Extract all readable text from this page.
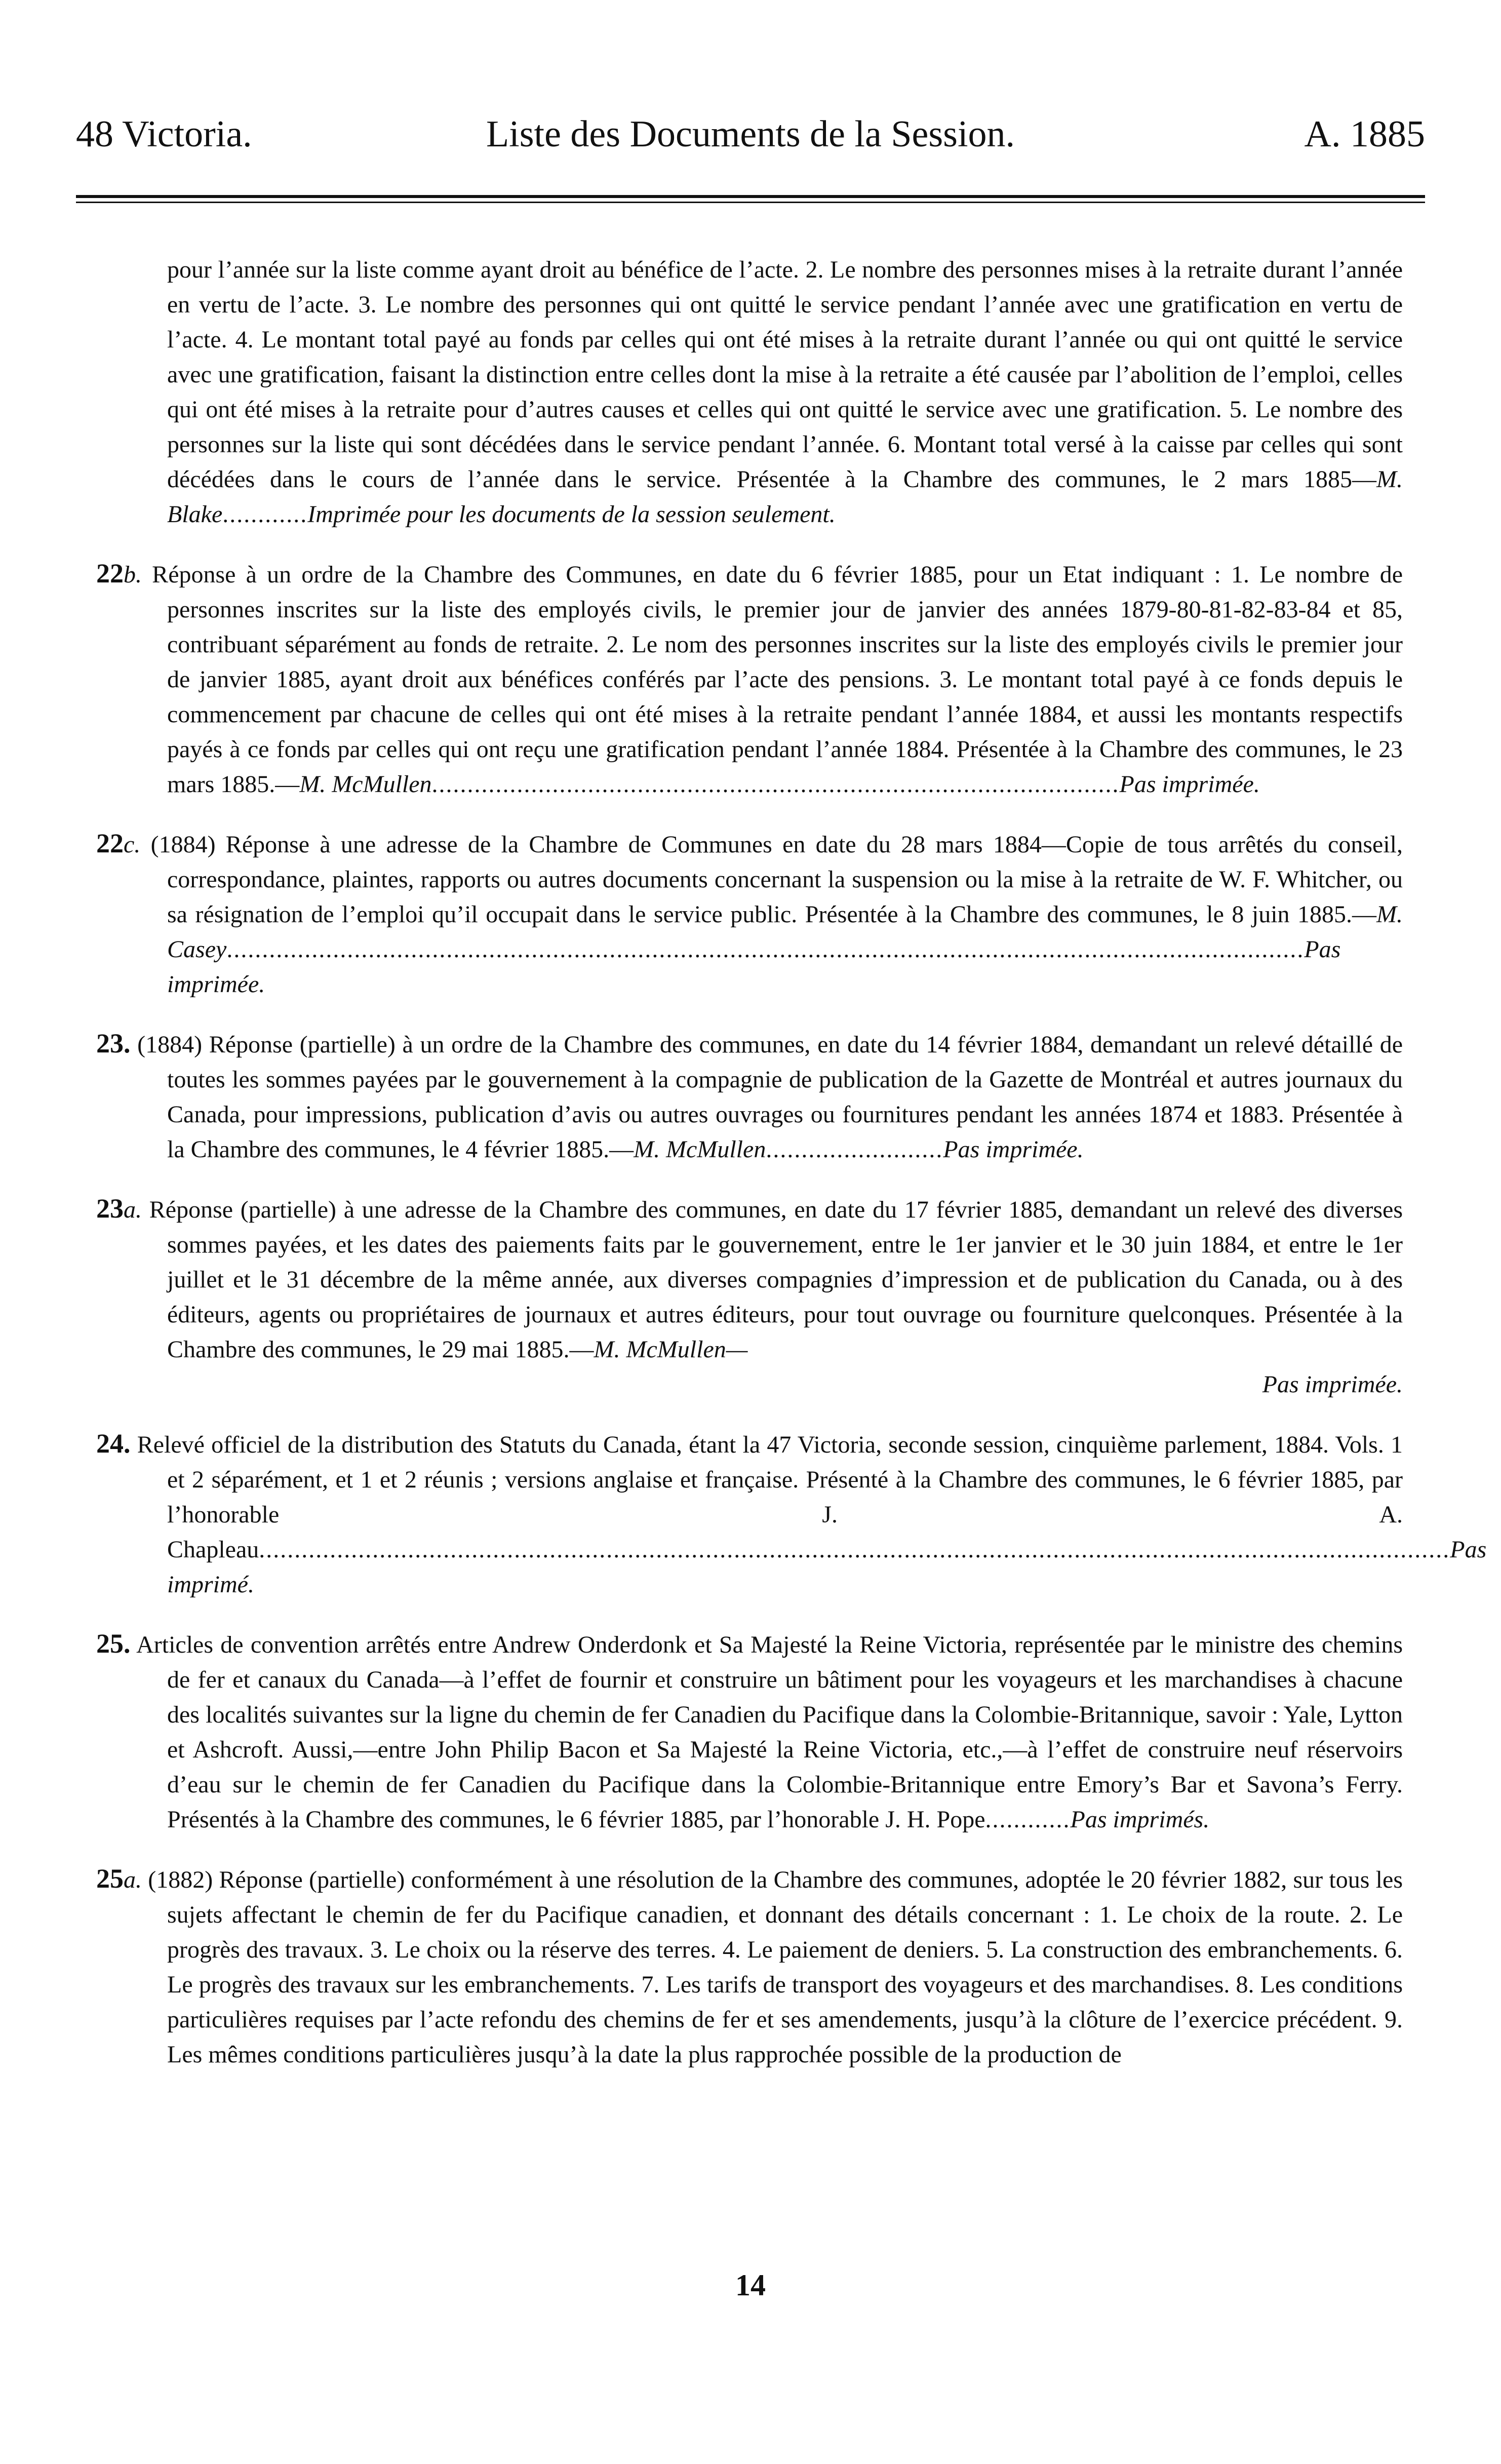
48 Victoria.	Liste des Documents de la Session.	A. 1885

pour l’année sur la liste comme ayant droit au bénéfice de l’acte. 2. Le nombre des personnes mises à la retraite durant l’année en vertu de l’acte. 3. Le nombre des personnes qui ont quitté le service pendant l’année avec une gratification en vertu de l’acte. 4. Le montant total payé au fonds par celles qui ont été mises à la retraite durant l’année ou qui ont quitté le service avec une gratification, faisant la distinction entre celles dont la mise à la retraite a été causée par l’abolition de l’emploi, celles qui ont été mises à la retraite pour d’autres causes et celles qui ont quitté le service avec une gratification. 5. Le nombre des personnes sur la liste qui sont décédées dans le service pendant l’année. 6. Montant total versé à la caisse par celles qui sont décédées dans le cours de l’année dans le service. Présentée à la Chambre des communes, le 2 mars 1885—M. Blake............Imprimée pour les documents de la session seulement.

22b. Réponse à un ordre de la Chambre des Communes, en date du 6 février 1885, pour un Etat indiquant : 1. Le nombre de personnes inscrites sur la liste des employés civils, le premier jour de janvier des années 1879-80-81-82-83-84 et 85, contribuant séparément au fonds de retraite. 2. Le nom des personnes inscrites sur la liste des employés civils le premier jour de janvier 1885, ayant droit aux bénéfices conférés par l’acte des pensions. 3. Le montant total payé à ce fonds depuis le commencement par chacune de celles qui ont été mises à la retraite pendant l’année 1884, et aussi les montants respectifs payés à ce fonds par celles qui ont reçu une gratification pendant l’année 1884. Présentée à la Chambre des communes, le 23 mars 1885.—M. McMullen.................................................................................................Pas imprimée.

22c. (1884) Réponse à une adresse de la Chambre de Communes en date du 28 mars 1884—Copie de tous arrêtés du conseil, correspondance, plaintes, rapports ou autres documents concernant la suspension ou la mise à la retraite de W. F. Whitcher, ou sa résignation de l’emploi qu’il occupait dans le service public. Présentée à la Chambre des communes, le 8 juin 1885.—M. Casey........................................................................................................................................................Pas imprimée.

23. (1884) Réponse (partielle) à un ordre de la Chambre des communes, en date du 14 février 1884, demandant un relevé détaillé de toutes les sommes payées par le gouvernement à la compagnie de publication de la Gazette de Montréal et autres journaux du Canada, pour impressions, publication d’avis ou autres ouvrages ou fournitures pendant les années 1874 et 1883. Présentée à la Chambre des communes, le 4 février 1885.—M. McMullen.........................Pas imprimée.

23a. Réponse (partielle) à une adresse de la Chambre des communes, en date du 17 février 1885, demandant un relevé des diverses sommes payées, et les dates des paiements faits par le gouvernement, entre le 1er janvier et le 30 juin 1884, et entre le 1er juillet et le 31 décembre de la même année, aux diverses compagnies d’impression et de publication du Canada, ou à des éditeurs, agents ou propriétaires de journaux et autres éditeurs, pour tout ouvrage ou fourniture quelconques. Présentée à la Chambre des communes, le 29 mai 1885.—M. McMullen—
Pas imprimée.

24. Relevé officiel de la distribution des Statuts du Canada, étant la 47 Victoria, seconde session, cinquième parlement, 1884. Vols. 1 et 2 séparément, et 1 et 2 réunis ; versions anglaise et française. Présenté à la Chambre des communes, le 6 février 1885, par l’honorable J. A. Chapleau........................................................................................................................................................................Pas imprimé.

25. Articles de convention arrêtés entre Andrew Onderdonk et Sa Majesté la Reine Victoria, représentée par le ministre des chemins de fer et canaux du Canada—à l’effet de fournir et construire un bâtiment pour les voyageurs et les marchandises à chacune des localités suivantes sur la ligne du chemin de fer Canadien du Pacifique dans la Colombie-Britannique, savoir : Yale, Lytton et Ashcroft. Aussi,—entre John Philip Bacon et Sa Majesté la Reine Victoria, etc.,—à l’effet de construire neuf réservoirs d’eau sur le chemin de fer Canadien du Pacifique dans la Colombie-Britannique entre Emory’s Bar et Savona’s Ferry. Présentés à la Chambre des communes, le 6 février 1885, par l’honorable J. H. Pope............Pas imprimés.

25a. (1882) Réponse (partielle) conformément à une résolution de la Chambre des communes, adoptée le 20 février 1882, sur tous les sujets affectant le chemin de fer du Pacifique canadien, et donnant des détails concernant : 1. Le choix de la route. 2. Le progrès des travaux. 3. Le choix ou la réserve des terres. 4. Le paiement de deniers. 5. La construction des embranchements. 6. Le progrès des travaux sur les embranchements. 7. Les tarifs de transport des voyageurs et des marchandises. 8. Les conditions particulières requises par l’acte refondu des chemins de fer et ses amendements, jusqu’à la clôture de l’exercice précédent. 9. Les mêmes conditions particulières jusqu’à la date la plus rapprochée possible de la production de

14
